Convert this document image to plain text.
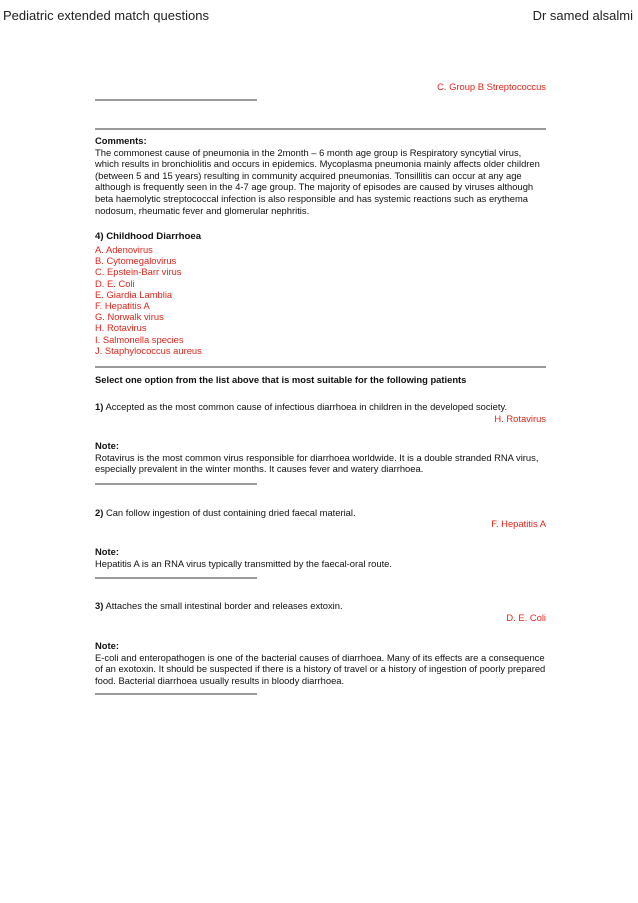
Pediatric extended match questions	Dr samed alsalmi
C. Group B Streptococcus
Comments:
The commonest cause of pneumonia in the 2month – 6 month age group is Respiratory syncytial virus, which results in bronchiolitis and occurs in epidemics. Mycoplasma pneumonia mainly affects older children (between 5 and 15 years) resulting in community acquired pneumonias. Tonsillitis can occur at any age although is frequently seen in the 4-7 age group. The majority of episodes are caused by viruses although beta haemolytic streptococcal infection is also responsible and has systemic reactions such as erythema nodosum, rheumatic fever and glomerular nephritis.
4) Childhood Diarrhoea
A. Adenovirus
B. Cytomegalovirus
C. Epstein-Barr virus
D. E. Coli
E. Giardia Lamblia
F. Hepatitis A
G. Norwalk virus
H. Rotavirus
I. Salmonella species
J. Staphylococcus aureus
Select one option from the list above that is most suitable for the following patients
1) Accepted as the most common cause of infectious diarrhoea in children in the developed society.
H. Rotavirus
Note:
Rotavirus is the most common virus responsible for diarrhoea worldwide. It is a double stranded RNA virus, especially prevalent in the winter months. It causes fever and watery diarrhoea.
2) Can follow ingestion of dust containing dried faecal material.
F. Hepatitis A
Note:
Hepatitis A is an RNA virus typically transmitted by the faecal-oral route.
3) Attaches the small intestinal border and releases extoxin.
D. E. Coli
Note:
E-coli and enteropathogen is one of the bacterial causes of diarrhoea. Many of its effects are a consequence of an exotoxin. It should be suspected if there is a history of travel or a history of ingestion of poorly prepared food. Bacterial diarrhoea usually results in bloody diarrhoea.
